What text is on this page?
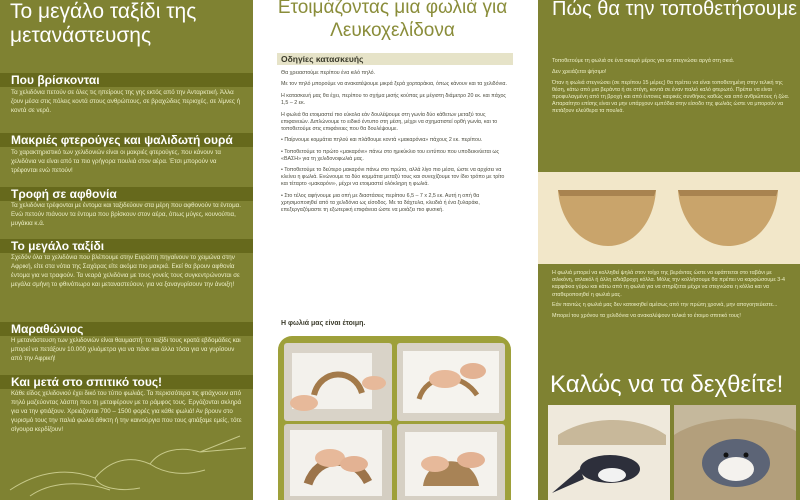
Το μεγάλο ταξίδι της μετανάστευσης
Που βρίσκονται

Τα χελιδόνια πετούν σε όλες τις ηπείρους της γης εκτός από την Ανταρκτική. Άλλα ζουν μέσα στις πόλεις κοντά στους ανθρώπους, σε βραχώδεις περιοχές, σε λίμνες ή κοντά σε νερό.

Μακριές φτερούγες και ψαλιδωτή ουρά

Το χαρακτηριστικό των χελιδονιών είναι οι μακριές φτερούγες, που κάνουν τα χελιδόνια να είναι από τα πιο γρήγορα πουλιά στον αέρα. Έτσι μπορούν να τρέφονται ενώ πετούν!

Τροφή σε αφθονία

Τα χελιδόνια τρέφονται με έντομα και ταξιδεύουν στα μέρη που αφθονούν τα έντομα. Ενώ πετούν πιάνουν τα έντομα που βρίσκουν στον αέρα, όπως μύγες, κουνούπια, μυγάκια κ.ά.

Το μεγάλο ταξίδι

Σχεδόν όλα τα χελιδόνια που βλέπουμε στην Ευρώπη πηγαίνουν το χειμώνα στην Αφρική, είτε στα νότια της Σαχάρας είτε ακόμα πιο μακριά. Εκεί θα βρουν αφθονία έντομα για να τραφούν. Τα νεαρά χελιδόνια με τους γονείς τους συγκεντρώνονται σε μεγάλα σμήνη το φθινόπωρο και μεταναστεύουν, για να ξαναγυρίσουν την άνοιξη!

Μαραθώνιος

Η μετανάστευση των χελιδονιών είναι θαυμαστή: το ταξίδι τους κρατά εβδομάδες και μπορεί να πετάξουν 10.000 χιλιόμετρα για να πάνε και άλλα τόσα για να γυρίσουν από την Αφρική!

Και μετά στο σπιτικό τους!

Κάθε είδος χελιδονιού έχει δικό του τύπο φωλιάς. Τα περισσότερα τις φτιάχνουν από πηλό μαζεύοντας λάσπη που τη μεταφέρουν με το ράμφος τους. Εργάζονται σκληρά για να την φτιάξουν. Χρειάζονται 700 – 1500 φορές για κάθε φωλιά! Αν βρουν στο γυρισμό τους την παλιά φωλιά άθικτη ή την καινούργια που τους φτιάξαμε εμείς, τότε σίγουρα κερδίζουν!

Ετοιμάζοντας μια φωλιά για Λευκοχελίδονα
Οδηγίες κατασκευής

Θα χρειαστούμε περίπου ένα κιλό πηλό.

Με τον πηλό μπορούμε να ανακατέψουμε μικρά ξερά χορταράκια, όπως κάνουν και τα χελιδόνια.

Η κατασκευή μας θα έχει, περίπου το σχήμα μισής κούπας με μέγιστη διάμετρο 20 εκ. και πάχος 1,5 – 2 εκ.

Η φωλιά θα ετοιμαστεί πιο εύκολα εάν δουλέψουμε στη γωνία δύο κάθετων μεταξύ τους επιφανειών. Διπλώνουμε το ειδικό έντυπο στη μέση, μέχρι να σχηματιστεί ορθή γωνία, και το τοποθετούμε στις επιφάνειες που θα δουλέψουμε.

• Παίρνουμε κομμάτια πηλού και πλάθουμε κοντά «μακαρόνια» πάχους 2 εκ. περίπου.

• Τοποθετούμε το πρώτο «μακαρόνι» πάνω στο ημικύκλιο του εντύπου που υποδεικνύεται ως «ΒΑΣΗ» για τη χελιδονοφωλιά μας.

• Τοποθετούμε το δεύτερο μακαρόνι πάνω στο πρώτο, αλλά λίγο πιο μέσα, ώστε να αρχίσει να κλείνει η φωλιά. Ενώνουμε τα δύο κομμάτια μεταξύ τους και συνεχίζουμε τον ίδιο τρόπο με τρίτο και τέταρτο «μακαρόνι», μέχρι να ετοιμαστεί ολόκληρη η φωλιά.

• Στο τέλος αφήνουμε μια οπή με διαστάσεις περίπου 6,5 – 7 x 2,5 εκ. Αυτή η οπή θα χρησιμοποιηθεί από τα χελιδόνια ως είσοδος. Με τα δάχτυλα, κλειδιά ή ένα ξυλαράκι, επεξεργαζόμαστε τη εξωτερική επιφάνεια ώστε να μοιάζει πιο φυσική.

Η φωλιά μας είναι έτοιμη.
Πώς θα την τοποθετήσουμε

Τοποθετούμε τη φωλιά σε ένα σκιερό μέρος για να στεγνώσει αργά στη σκιά.

Δεν χρειάζεται ψήσιμο!

Όταν η φωλιά στεγνώσει (σε περίπου 15 μέρες) θα πρέπει να είναι τοποθετημένη στην τελική της θέση, κάτω από μια βεράντα ή σε στέγη, κοντά σε έναν παλιό καλό φτερωτό. Πρέπει να είναι προφυλαγμένη από τη βροχή και από έντονες καιρικές συνθήκες καθώς και από ανθρώπους ή ζώα. Απαραίτητο επίσης είναι να μην υπάρχουν εμπόδια στην είσοδο της φωλιάς ώστε να μπορούν να πετάξουν ελεύθερα τα πουλιά.

Η φωλιά μπορεί να κολληθεί ψηλά στον τοίχο της βεράντας ώστε να εφάπτεται στο ταβάνι με σιλικόνη, ατλακόλ ή άλλη αδιάβροχη κόλλα. Μόλις την κολλήσουμε θα πρέπει να καρφώσουμε 3-4 καρφάκια γύρω και κάτω από τη φωλιά για να στηρίζεται μέχρι να στεγνώσει η κόλλα και να σταθεροποιηθεί η φωλιά μας.

Εάν παντώς η φωλιά μας δεν κατοικηθεί αμέσως από την πρώτη χρονιά, μην απογοητεύεστε...

Μπορεί του χρόνου τα χελιδόνια να ανακαλύψουν τελικά το έτοιμο σπιτικό τους!

Καλώς να τα δεχθείτε!
